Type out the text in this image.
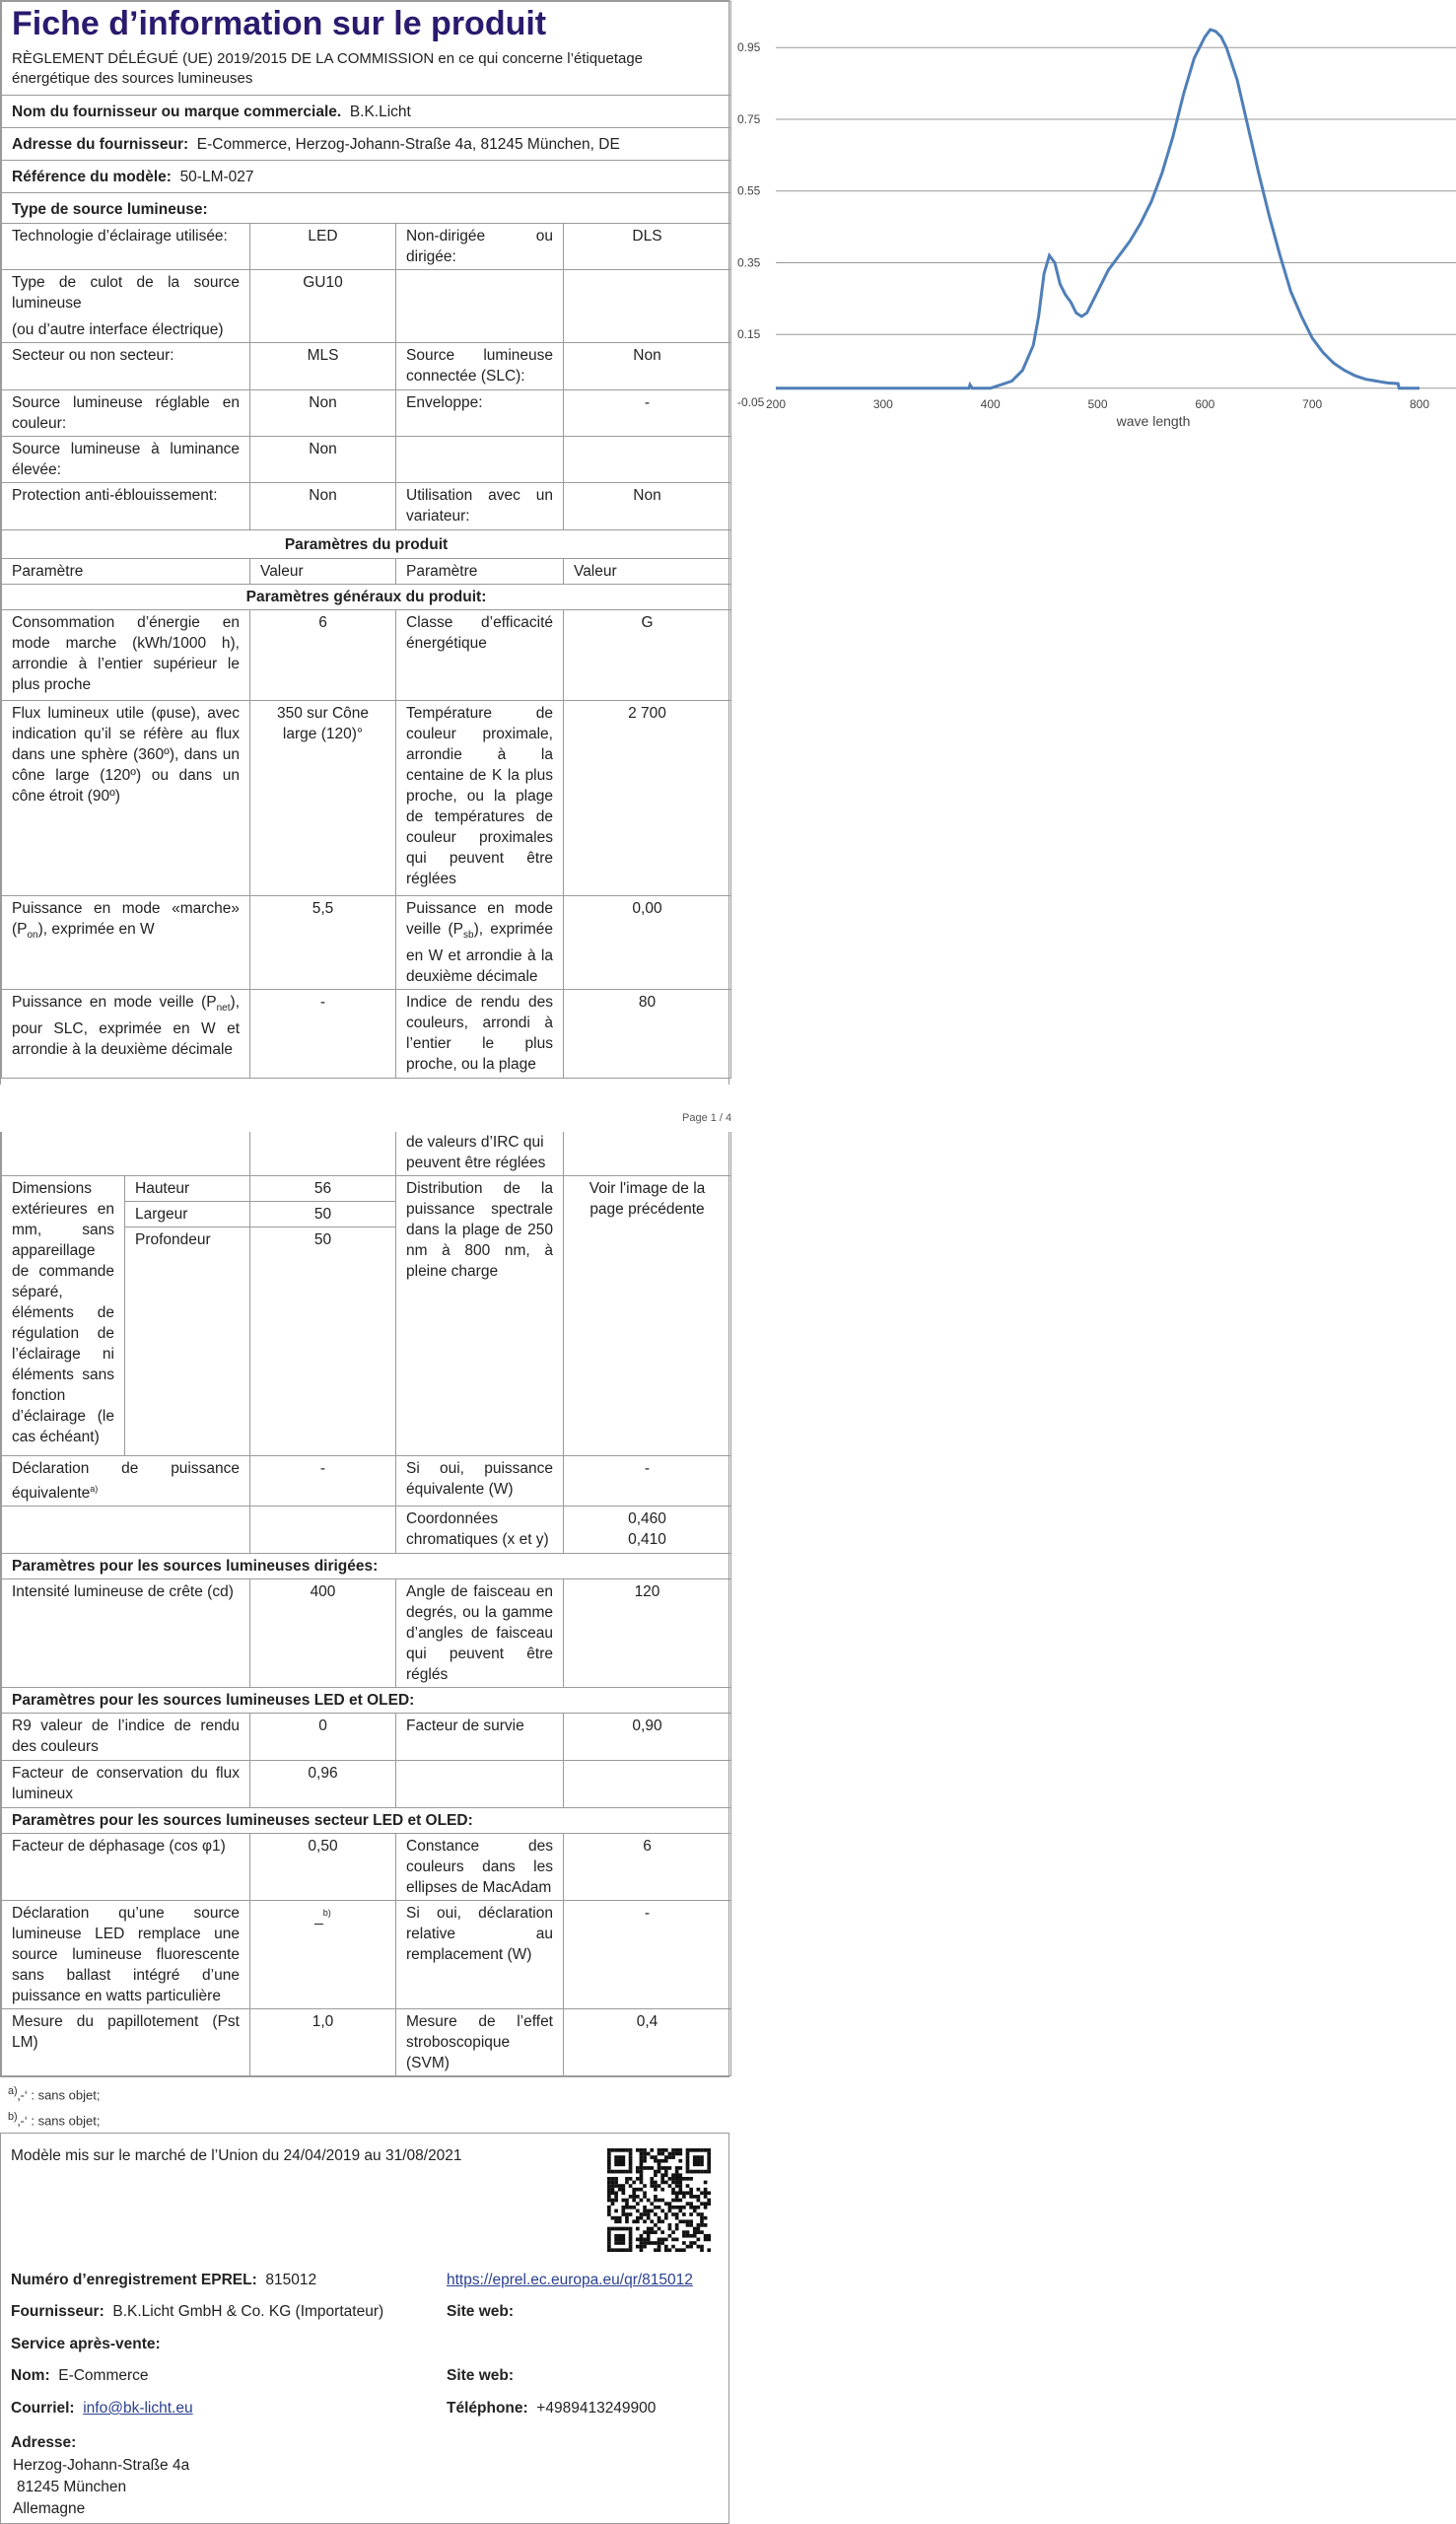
Fiche d’information sur le produit
RÈGLEMENT DÉLÉGUÉ (UE) 2019/2015 DE LA COMMISSION en ce qui concerne l’étiquetage énergétique des sources lumineuses			

Nom du fournisseur ou marque commerciale. B.K.Licht			
Adresse du fournisseur: E-Commerce, Herzog-Johann-Straße 4a, 81245 München, DE			
Référence du modèle: 50-LM-027			
Type de source lumineuse:			
Technologie d’éclairage utilisée:	LED	Non-dirigée ou dirigée:	DLS
Type de culot de la source lumineuse
(ou d’autre interface électrique)	GU10		
Secteur ou non secteur:	MLS	Source lumineuse connectée (SLC):	Non
Source lumineuse réglable en couleur:	Non	Enveloppe:	-
Source lumineuse à luminance élevée:	Non		
Protection anti-éblouissement:	Non	Utilisation avec un variateur:	Non
Paramètres du produit			
Paramètre	Valeur	Paramètre	Valeur
Paramètres généraux du produit:			
Consommation d’énergie en mode marche (kWh/1000 h), arrondie à l’entier supérieur le plus proche	6	Classe d’efficacité énergétique	G
Flux lumineux utile (φuse), avec indication qu’il se réfère au flux dans une sphère (360º), dans un cône large (120º) ou dans un cône étroit (90º)	350 sur Cône large (120)°	Température de couleur proximale, arrondie à la centaine de K la plus proche, ou la plage de températures de couleur proximales qui peuvent être réglées	2 700
Puissance en mode «marche» $(P_{on})$, exprimée en W	5,5	Puissance en mode veille $(P_{sb})$, exprimée en W et arrondie à la deuxième décimale	0,00
Puissance en mode veille $(P_{net})$, pour SLC, exprimée en W et arrondie à la deuxième décimale	-	Indice de rendu des couleurs, arrondi à l’entier le plus proche, ou la plage	80
-0.05
0.15
0.35
0.55
0.75
0.95
200	300	400	500	600	700	800
wave length
Page 1 / 4
			de valeurs d’IRC qui peuvent être réglées	
Dimensions extérieures en mm, sans appareillage de commande séparé, éléments de régulation de l’éclairage ni éléments sans fonction d’éclairage (le cas échéant)	Hauteur	56	Distribution de la puissance spectrale dans la plage de 250 nm à 800 nm, à pleine charge	Voir l'image de la page précédente
	Largeur	50		
	Profondeur	50		
Déclaration de puissance équivalente$^{a)}$		-	Si oui, puissance équivalente (W)	-
			Coordonnées chromatiques (x et y)	0,460
0,410

Paramètres pour les sources lumineuses dirigées:				
Intensité lumineuse de crête (cd)		400	Angle de faisceau en degrés, ou la gamme d’angles de faisceau qui peuvent être réglés	120
Paramètres pour les sources lumineuses LED et OLED:				
R9 valeur de l’indice de rendu des couleurs		0	Facteur de survie	0,90
Facteur de conservation du flux lumineux		0,96		
Paramètres pour les sources lumineuses secteur LED et OLED:				
Facteur de déphasage (cos φ1)		0,50	Constance des couleurs dans les ellipses de MacAdam	6
Déclaration qu’une source lumineuse LED remplace une source lumineuse fluorescente sans ballast intégré d’une puissance en watts particulière		_$^{b)}$	Si oui, déclaration relative au remplacement (W)	-
Mesure du papillotement (Pst LM)		1,0	Mesure de l’effet stroboscopique (SVM)	0,4
$^{a)}$‚-‘ : sans objet;
$^{b)}$‚-‘ : sans objet;
Modèle mis sur le marché de l’Union du 24/04/2019 au 31/08/2021
Numéro d’enregistrement EPREL: 815012	https://eprel.ec.europa.eu/qr/815012
Fournisseur: B.K.Licht GmbH & Co. KG (Importateur)	Site web:
Service après-vente:
Nom: E-Commerce	Site web:
Courriel: info@bk-licht.eu	Téléphone: +4989413249900
Adresse:
Herzog-Johann-Straße 4a
81245 München
Allemagne
